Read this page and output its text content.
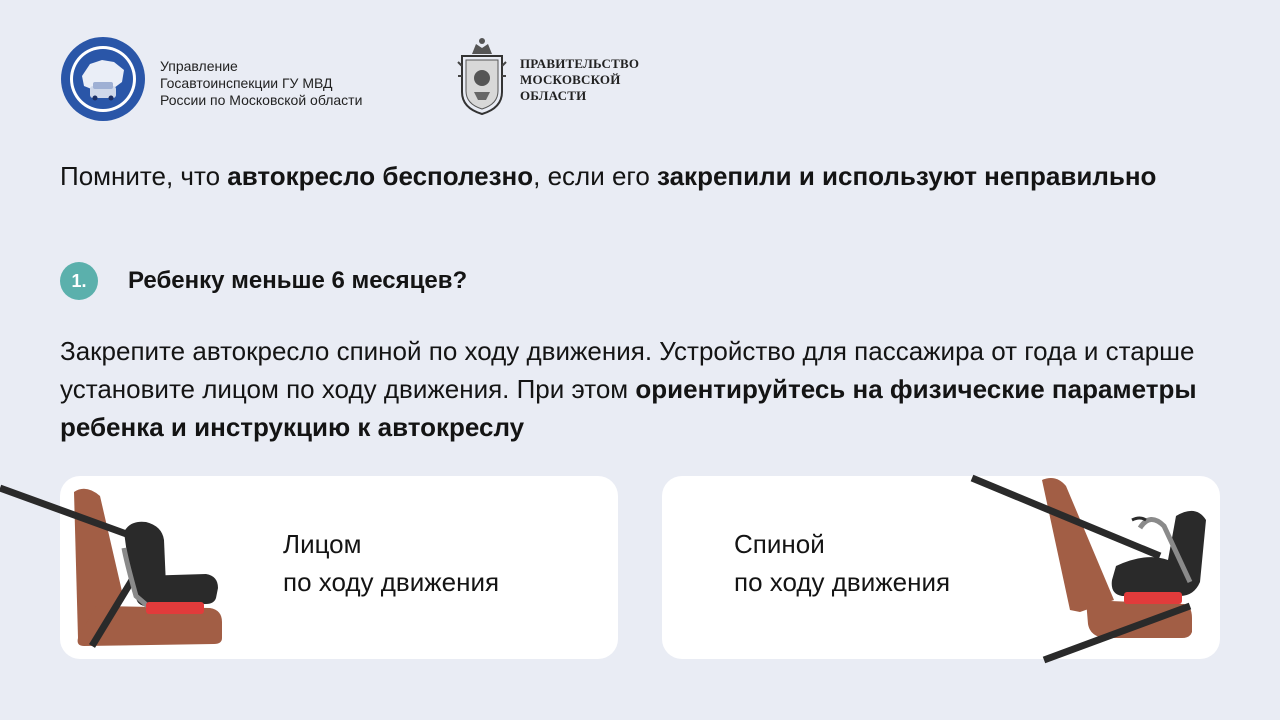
Управление
Госавтоинспекции ГУ МВД
России по Московской области
ПРАВИТЕЛЬСТВО
МОСКОВСКОЙ
ОБЛАСТИ
Помните, что автокресло бесполезно, если его закрепили и используют неправильно
1.	Ребенку меньше 6 месяцев?
Закрепите автокресло спиной по ходу движения. Устройство для пассажира от года и старше установите лицом по ходу движения. При этом ориентируйтесь на физические параметры ребенка и инструкцию к автокреслу
Лицом
по ходу движения
Спиной
по ходу движения
